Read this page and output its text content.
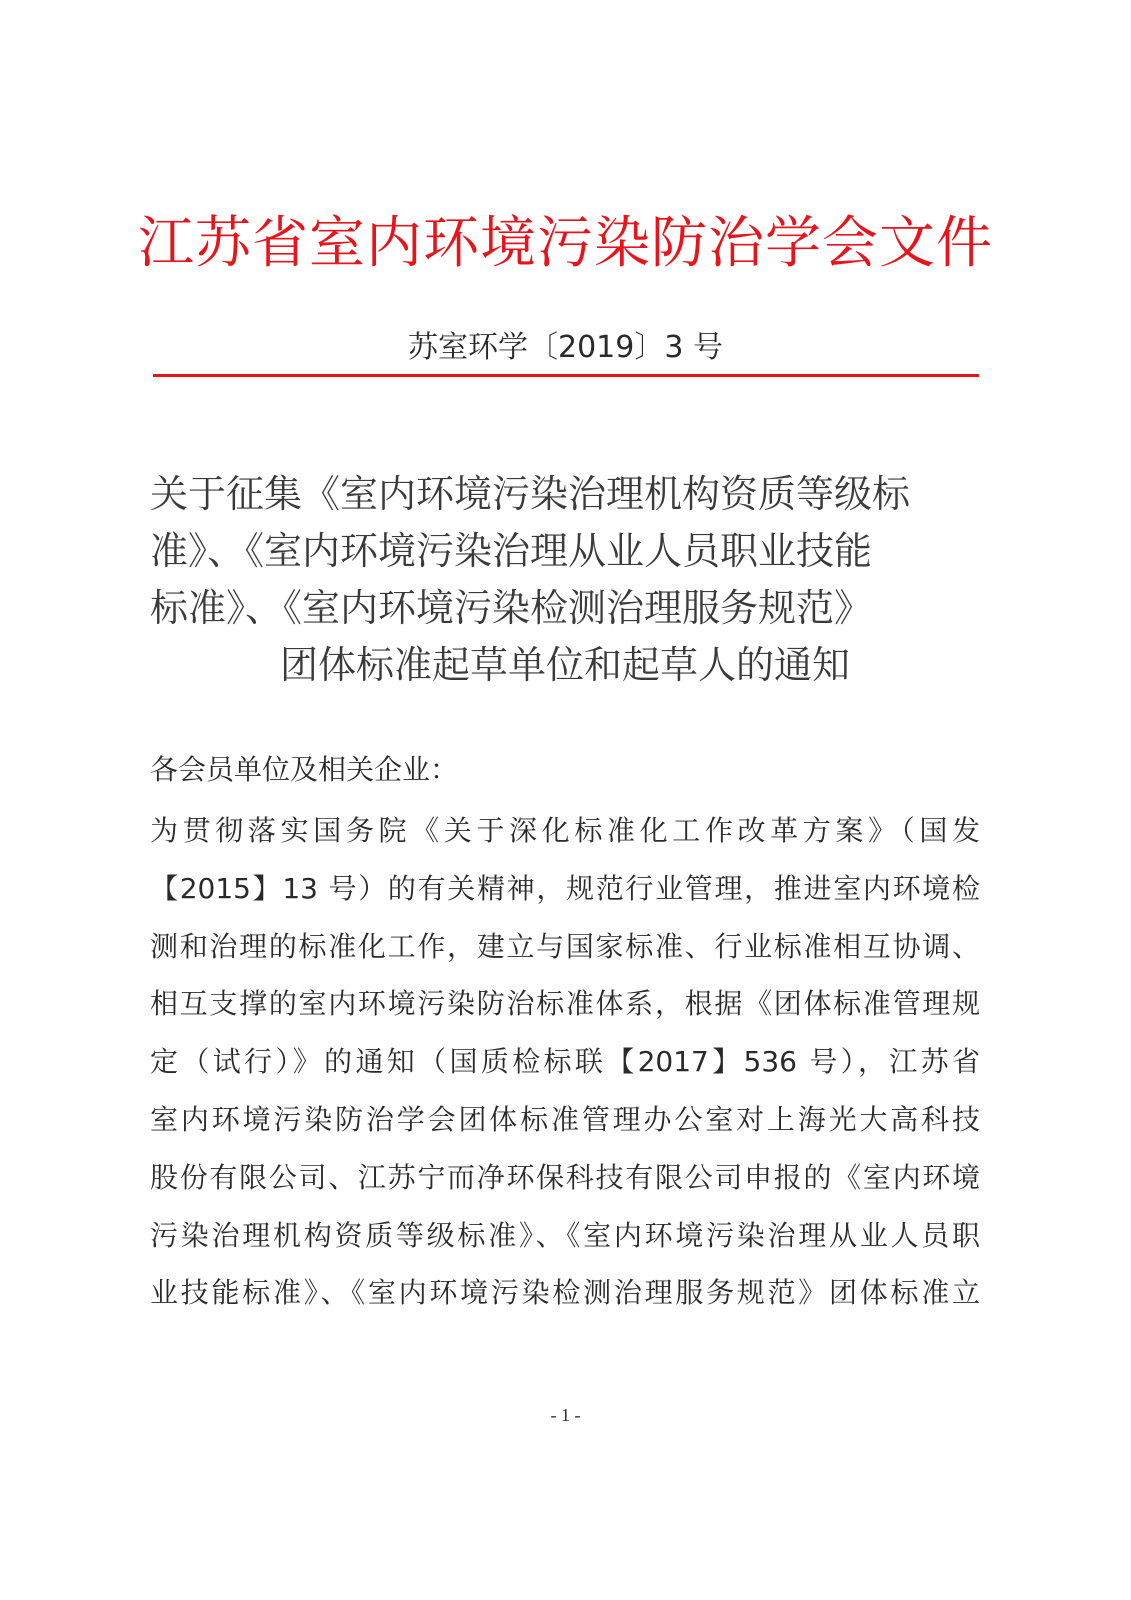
江苏省室内环境污染防治学会文件
苏室环学〔2019〕3 号
关于征集《室内环境污染治理机构资质等级标
准》、《室内环境污染治理从业人员职业技能
标准》、《室内环境污染检测治理服务规范》
团体标准起草单位和起草人的通知
各会员单位及相关企业：
为贯彻落实国务院《关于深化标准化工作改革方案》（国发
【2015】13 号）的有关精神，规范行业管理，推进室内环境检
测和治理的标准化工作，建立与国家标准、行业标准相互协调、
相互支撑的室内环境污染防治标准体系，根据《团体标准管理规
定（试行）》的通知（国质检标联【2017】536 号），江苏省
室内环境污染防治学会团体标准管理办公室对上海光大高科技
股份有限公司、江苏宁而净环保科技有限公司申报的《室内环境
污染治理机构资质等级标准》、《室内环境污染治理从业人员职
业技能标准》、《室内环境污染检测治理服务规范》团体标准立
- 1 -
